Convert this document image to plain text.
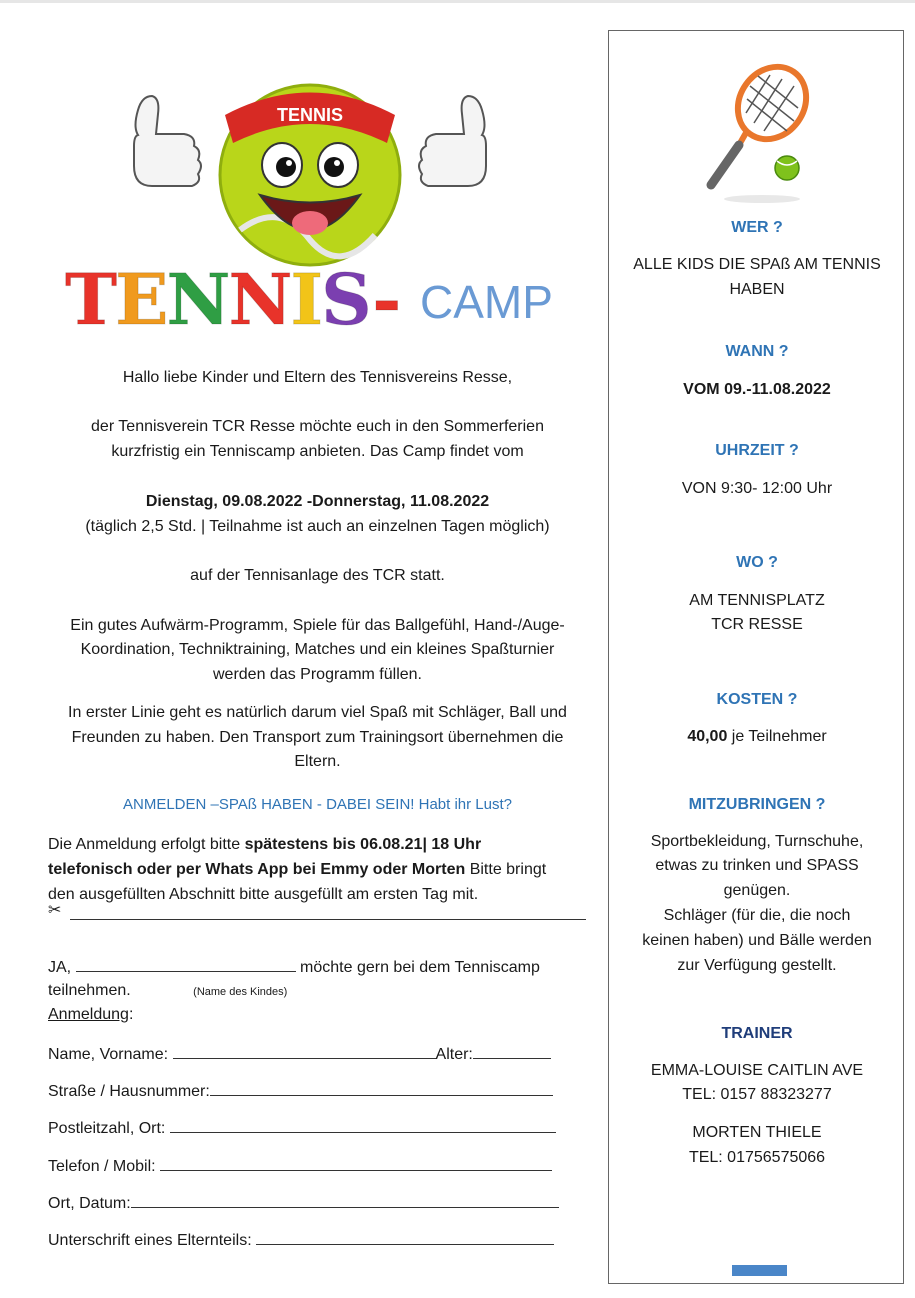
TENNIS
TENNIS- CAMP
Hallo liebe Kinder und Eltern des Tennisvereins Resse,
der Tennisverein TCR Resse möchte euch in den Sommerferien
kurzfristig ein Tenniscamp anbieten. Das Camp findet vom
Dienstag, 09.08.2022 -Donnerstag, 11.08.2022
(täglich 2,5 Std. | Teilnahme ist auch an einzelnen Tagen möglich)
auf der Tennisanlage des TCR statt.
Ein gutes Aufwärm-Programm, Spiele für das Ballgefühl, Hand-/Auge-
Koordination, Techniktraining, Matches und ein kleines Spaßturnier
werden das Programm füllen.
In erster Linie geht es natürlich darum viel Spaß mit Schläger, Ball und
Freunden zu haben. Den Transport zum Trainingsort übernehmen die
Eltern.
ANMELDEN –SPAß HABEN - DABEI SEIN! Habt ihr Lust?
Die Anmeldung erfolgt bitte spätestens bis 06.08.21| 18 Uhr
telefonisch oder per Whats App bei Emmy oder Morten Bitte bringt
den ausgefüllten Abschnitt bitte ausgefüllt am ersten Tag mit.
✂
JA,	möchte gern bei dem Tenniscamp
teilnehmen.	(Name des Kindes)
Anmeldung:
Name, Vorname:	Alter:
Straße / Hausnummer:
Postleitzahl, Ort:
Telefon / Mobil:
Ort, Datum:
Unterschrift eines Elternteils:
WER ?
ALLE KIDS DIE SPAß AM TENNIS
HABEN
WANN ?
VOM 09.-11.08.2022
UHRZEIT ?
VON 9:30- 12:00 Uhr
WO ?
AM TENNISPLATZ
TCR RESSE
KOSTEN ?
40,00 je Teilnehmer
MITZUBRINGEN ?
Sportbekleidung, Turnschuhe,
etwas zu trinken und SPASS
genügen.
Schläger (für die, die noch
keinen haben) und Bälle werden
zur Verfügung gestellt.
TRAINER
EMMA-LOUISE CAITLIN AVE
TEL: 0157 88323277
MORTEN THIELE
TEL: 01756575066
